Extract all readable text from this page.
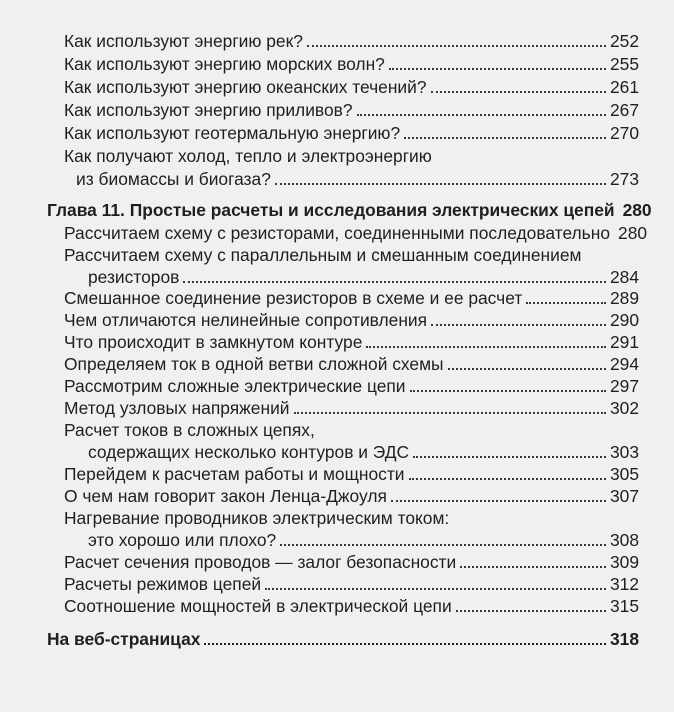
Как используют энергию рек?	252
Как используют энергию морских волн?	255
Как используют энергию океанских течений?	261
Как используют энергию приливов?	267
Как используют геотермальную энергию?	270
Как получают холод, тепло и электроэнергию
из биомассы и биогаза?	273
Глава 11. Простые расчеты и исследования электрических цепей 280
Рассчитаем схему с резисторами, соединенными последовательно 280
Рассчитаем схему с параллельным и смешанным соединением
резисторов	284
Смешанное соединение резисторов в схеме и ее расчет	289
Чем отличаются нелинейные сопротивления	290
Что происходит в замкнутом контуре	291
Определяем ток в одной ветви сложной схемы	294
Рассмотрим сложные электрические цепи	297
Метод узловых напряжений	302
Расчет токов в сложных цепях,
содержащих несколько контуров и ЭДС	303
Перейдем к расчетам работы и мощности	305
О чем нам говорит закон Ленца-Джоуля	307
Нагревание проводников электрическим током:
это хорошо или плохо?	308
Расчет сечения проводов — залог безопасности	309
Расчеты режимов цепей	312
Соотношение мощностей в электрической цепи	315
На веб-страницах	318
